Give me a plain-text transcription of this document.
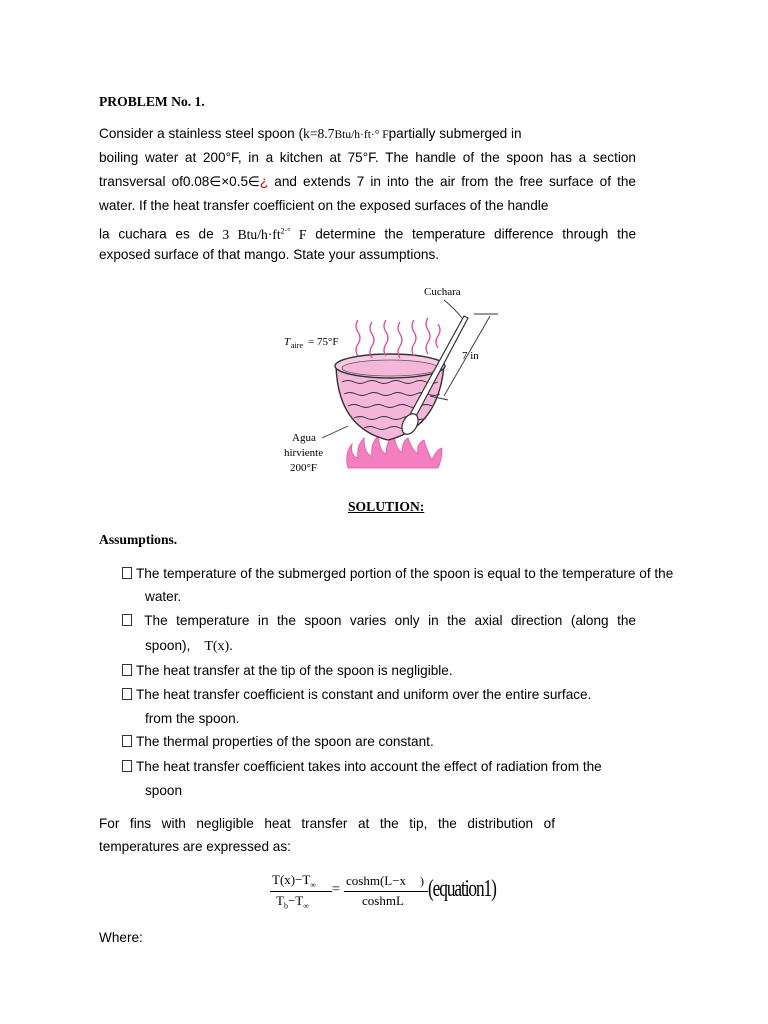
PROBLEM No. 1.
Consider a stainless steel spoon (k=8.7Btu/h·ft·° Fpartially submerged in
boiling water at 200°F, in a kitchen at 75°F. The handle of the spoon has a section
transversal of0.08∈×0.5∈¿ and extends 7 in into the air from the free surface of the
water. If the heat transfer coefficient on the exposed surfaces of the handle
la cuchara es de 3 Btu/$h\cdot ft^{2\cdot^\circ}$ F determine the temperature difference through the
exposed surface of that mango. State your assumptions.
Cuchara
T aire = 75°F
7 in
Agua
hirviente
200°F
SOLUTION:
Assumptions.
The temperature of the submerged portion of the spoon is equal to the temperature of the
water.
The temperature in the spoon varies only in the axial direction (along the
spoon), T(x).
The heat transfer at the tip of the spoon is negligible.
The heat transfer coefficient is constant and uniform over the entire surface.
from the spoon.
The thermal properties of the spoon are constant.
The heat transfer coefficient takes into account the effect of radiation from the
spoon
For fins with negligible heat transfer at the tip, the distribution of
temperatures are expressed as:
$T(x)-T_\infty$
$T_b-T_\infty$
=
coshm(L−x )
coshmL (equation1)
Where:
